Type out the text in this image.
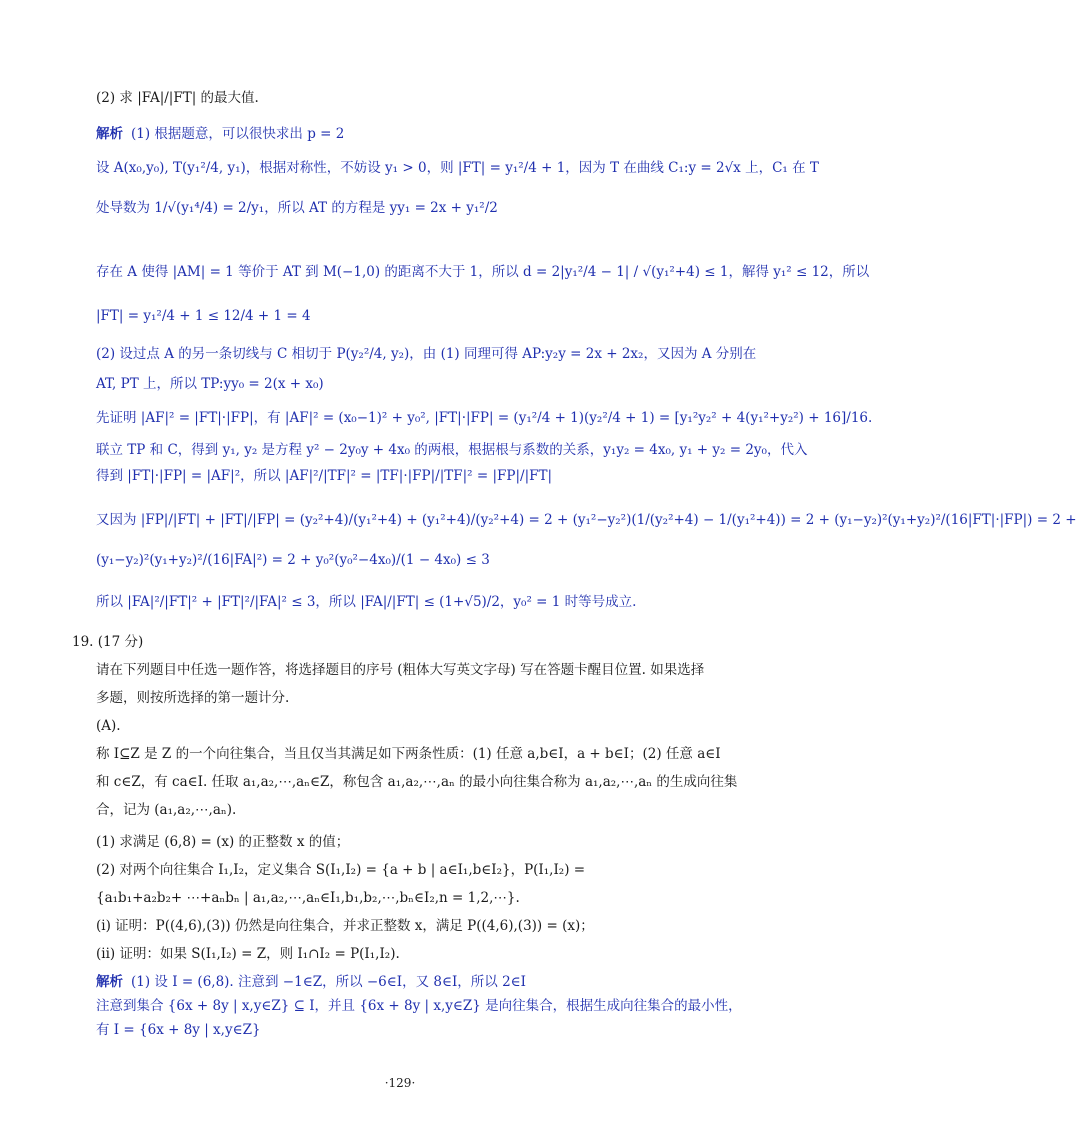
(2) 求 |FA|/|FT| 的最大值.
解析 (1) 根据题意，可以很快求出 p = 2
设 A(x₀,y₀), T(y₁²/4, y₁)，根据对称性，不妨设 y₁ > 0，则 |FT| = y₁²/4 + 1，因为 T 在曲线 C₁:y = 2√x 上，C₁ 在 T
处导数为 1/√(y₁⁴/4) = 2/y₁，所以 AT 的方程是 yy₁ = 2x + y₁²/2
存在 A 使得 |AM| = 1 等价于 AT 到 M(−1,0) 的距离不大于 1，所以 d = 2|y₁²/4 − 1| / √(y₁²+4) ≤ 1，解得 y₁² ≤ 12，所以
|FT| = y₁²/4 + 1 ≤ 12/4 + 1 = 4
(2) 设过点 A 的另一条切线与 C 相切于 P(y₂²/4, y₂)，由 (1) 同理可得 AP:y₂y = 2x + 2x₂，又因为 A 分别在
AT, PT 上，所以 TP:yy₀ = 2(x + x₀)
先证明 |AF|² = |FT|·|FP|，有 |AF|² = (x₀−1)² + y₀², |FT|·|FP| = (y₁²/4 + 1)(y₂²/4 + 1) = [y₁²y₂² + 4(y₁²+y₂²) + 16]/16.
联立 TP 和 C，得到 y₁, y₂ 是方程 y² − 2y₀y + 4x₀ 的两根，根据根与系数的关系，y₁y₂ = 4x₀, y₁ + y₂ = 2y₀，代入
得到 |FT|·|FP| = |AF|²，所以 |AF|²/|TF|² = |TF|·|FP|/|TF|² = |FP|/|FT|
又因为 |FP|/|FT| + |FT|/|FP| = (y₂²+4)/(y₁²+4) + (y₁²+4)/(y₂²+4) = 2 + (y₁²−y₂²)(1/(y₂²+4) − 1/(y₁²+4)) = 2 + (y₁−y₂)²(y₁+y₂)²/(16|FT|·|FP|) = 2 +
(y₁−y₂)²(y₁+y₂)²/(16|FA|²) = 2 + y₀²(y₀²−4x₀)/(1 − 4x₀) ≤ 3
所以 |FA|²/|FT|² + |FT|²/|FA|² ≤ 3，所以 |FA|/|FT| ≤ (1+√5)/2，y₀² = 1 时等号成立.
19. (17 分)
请在下列题目中任选一题作答，将选择题目的序号 (粗体大写英文字母) 写在答题卡醒目位置. 如果选择
多题，则按所选择的第一题计分.
(A).
称 I⊆Z 是 Z 的一个向往集合，当且仅当其满足如下两条性质：(1) 任意 a,b∈I，a + b∈I；(2) 任意 a∈I
和 c∈Z，有 ca∈I. 任取 a₁,a₂,⋯,aₙ∈Z，称包含 a₁,a₂,⋯,aₙ 的最小向往集合称为 a₁,a₂,⋯,aₙ 的生成向往集
合，记为 (a₁,a₂,⋯,aₙ).
(1) 求满足 (6,8) = (x) 的正整数 x 的值；
(2) 对两个向往集合 I₁,I₂，定义集合 S(I₁,I₂) = {a + b | a∈I₁,b∈I₂}，P(I₁,I₂) =
{a₁b₁+a₂b₂+ ⋯+aₙbₙ | a₁,a₂,⋯,aₙ∈I₁,b₁,b₂,⋯,bₙ∈I₂,n = 1,2,⋯}.
(i) 证明：P((4,6),(3)) 仍然是向往集合，并求正整数 x，满足 P((4,6),(3)) = (x)；
(ii) 证明：如果 S(I₁,I₂) = Z，则 I₁∩I₂ = P(I₁,I₂).
解析 (1) 设 I = (6,8). 注意到 −1∈Z，所以 −6∈I，又 8∈I，所以 2∈I
注意到集合 {6x + 8y | x,y∈Z} ⊆ I，并且 {6x + 8y | x,y∈Z} 是向往集合，根据生成向往集合的最小性，
有 I = {6x + 8y | x,y∈Z}
·129·
